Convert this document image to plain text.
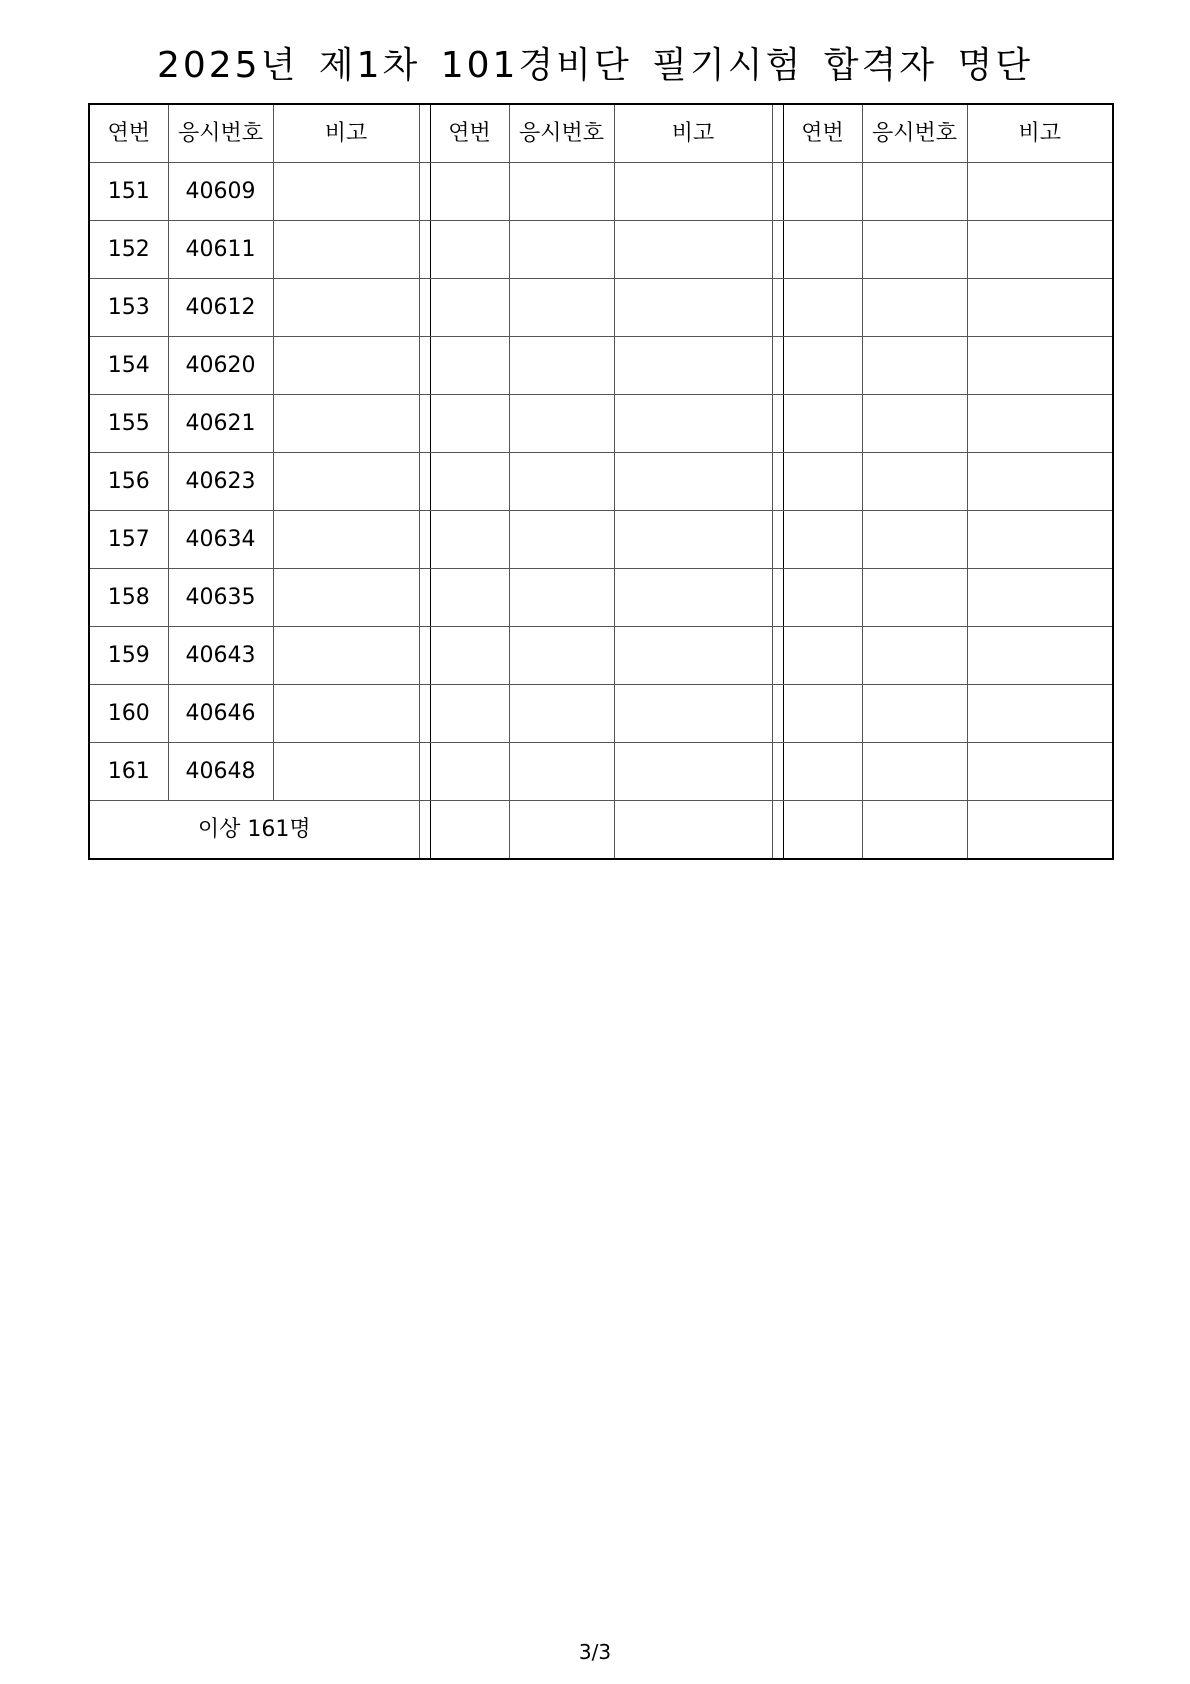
2025년 제1차 101경비단 필기시험 합격자 명단
연번	응시번호	비고		연번	응시번호	비고		연번	응시번호	비고
151	40609									
152	40611									
153	40612									
154	40620									
155	40621									
156	40623									
157	40634									
158	40635									
159	40643									
160	40646									
161	40648									
이상 161명										
3/3
